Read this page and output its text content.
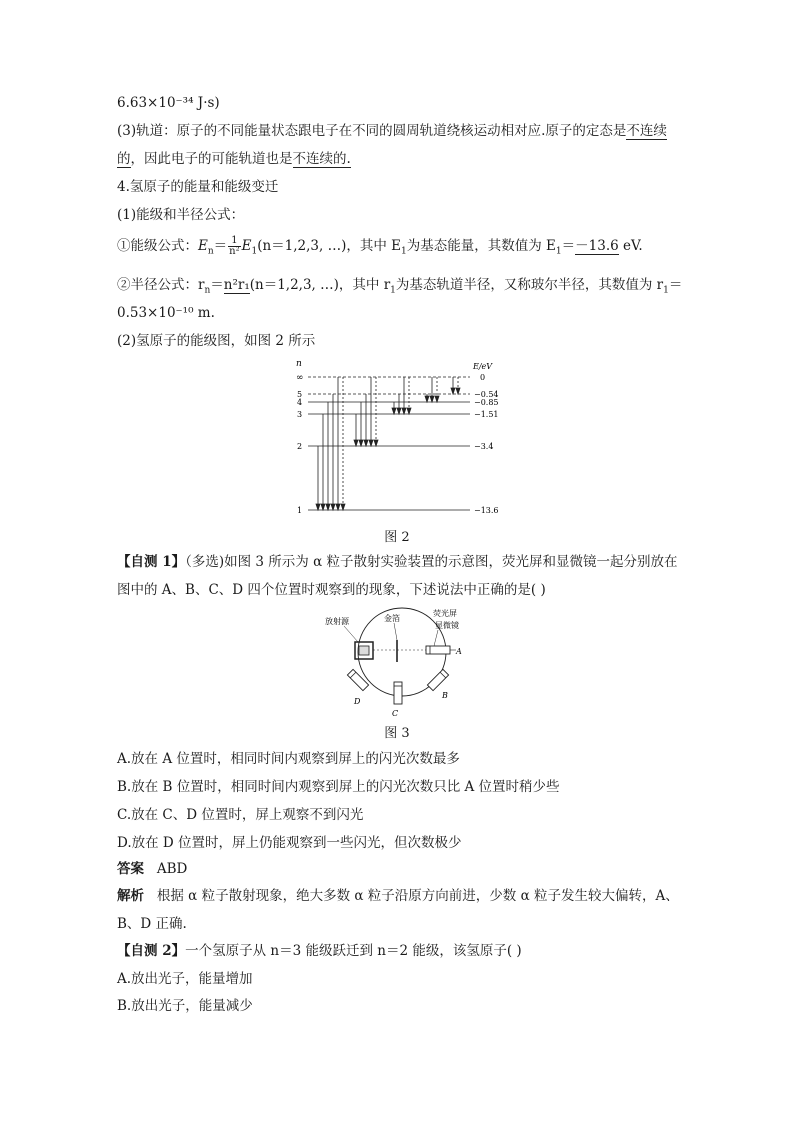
6.63×10⁻³⁴ J·s)
(3)轨道：原子的不同能量状态跟电子在不同的圆周轨道绕核运动相对应.原子的定态是不连续
的，因此电子的可能轨道也是不连续的.
4.氢原子的能量和能级变迁
(1)能级和半径公式：
①能级公式：$E_n= \frac{1}{\text{n²}} E_1(n=1,2,3$, …)，其中 $E_1$为基态能量，其数值为 $E_1=-13.6$ eV.
②半径公式：$r_n=n^2r_1(n=1,2,3$, …)，其中 $r_1$为基态轨道半径，又称玻尔半径，其数值为 $r_1=$
0.53×10⁻¹⁰ m.
(2)氢原子的能级图，如图 2 所示
n	E/eV
∞
5
4
3
2
1
0
−0.54
−0.85
−1.51
−3.4
−13.6
图 2
【自测 1】（多选)如图 3 所示为 α 粒子散射实验装置的示意图，荧光屏和显微镜一起分别放在
图中的 A、B、C、D 四个位置时观察到的现象，下述说法中正确的是( )
放射源	金箔
荧光屏
显微镜
A
B
C
D
图 3
A.放在 A 位置时，相同时间内观察到屏上的闪光次数最多
B.放在 B 位置时，相同时间内观察到屏上的闪光次数只比 A 位置时稍少些
C.放在 C、D 位置时，屏上观察不到闪光
D.放在 D 位置时，屏上仍能观察到一些闪光，但次数极少
答案 ABD
解析 根据 α 粒子散射现象，绝大多数 α 粒子沿原方向前进，少数 α 粒子发生较大偏转，A、
B、D 正确.
【自测 2】一个氢原子从 n＝3 能级跃迁到 n＝2 能级，该氢原子( )
A.放出光子，能量增加
B.放出光子，能量减少
